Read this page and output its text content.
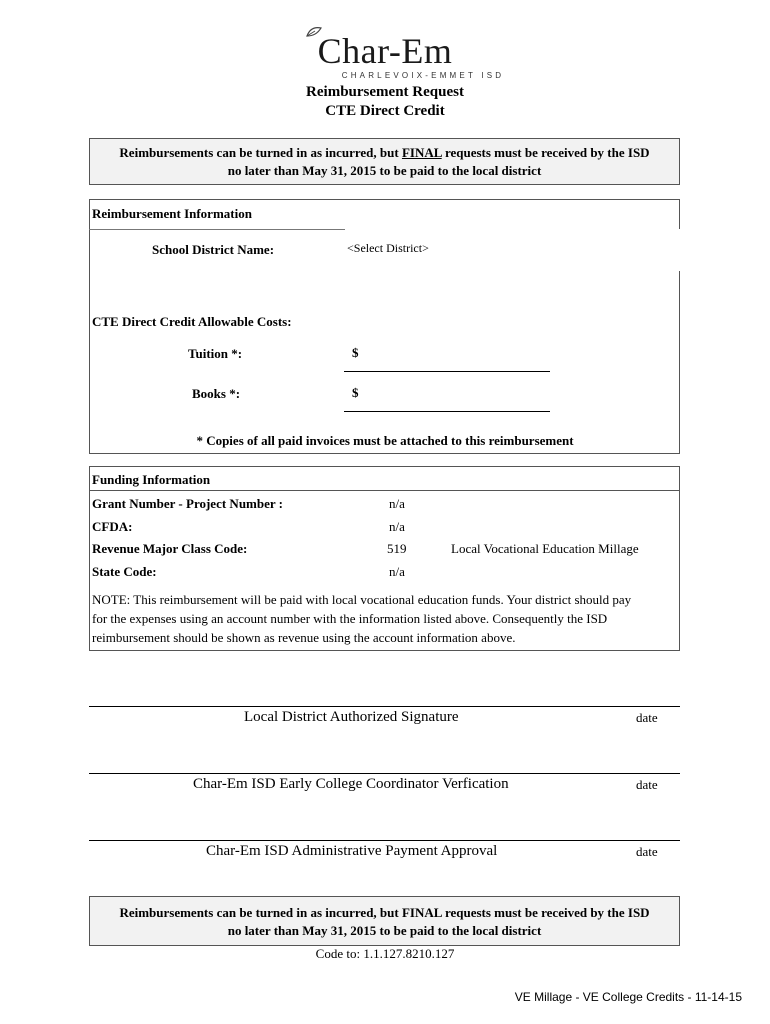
Char-Em
CHARLEVOIX-EMMET ISD
Reimbursement Request
CTE Direct Credit
Reimbursements can be turned in as incurred, but FINAL requests must be received by the ISD
no later than May 31, 2015 to be paid to the local district
Reimbursement Information
School District Name:	<Select District>
CTE Direct Credit Allowable Costs:
Tuition *:	$
Books *:	$
* Copies of all paid invoices must be attached to this reimbursement
Funding Information
Grant Number - Project Number :	n/a
CFDA:	n/a
Revenue Major Class Code:	519	Local Vocational Education Millage
State Code:	n/a
NOTE: This reimbursement will be paid with local vocational education funds. Your district should pay
for the expenses using an account number with the information listed above. Consequently the ISD
reimbursement should be shown as revenue using the account information above.
Local District Authorized Signature	date
Char-Em ISD Early College Coordinator Verfication	date
Char-Em ISD Administrative Payment Approval	date
Reimbursements can be turned in as incurred, but FINAL requests must be received by the ISD
no later than May 31, 2015 to be paid to the local district
Code to: 1.1.127.8210.127
VE Millage - VE College Credits - 11-14-15
